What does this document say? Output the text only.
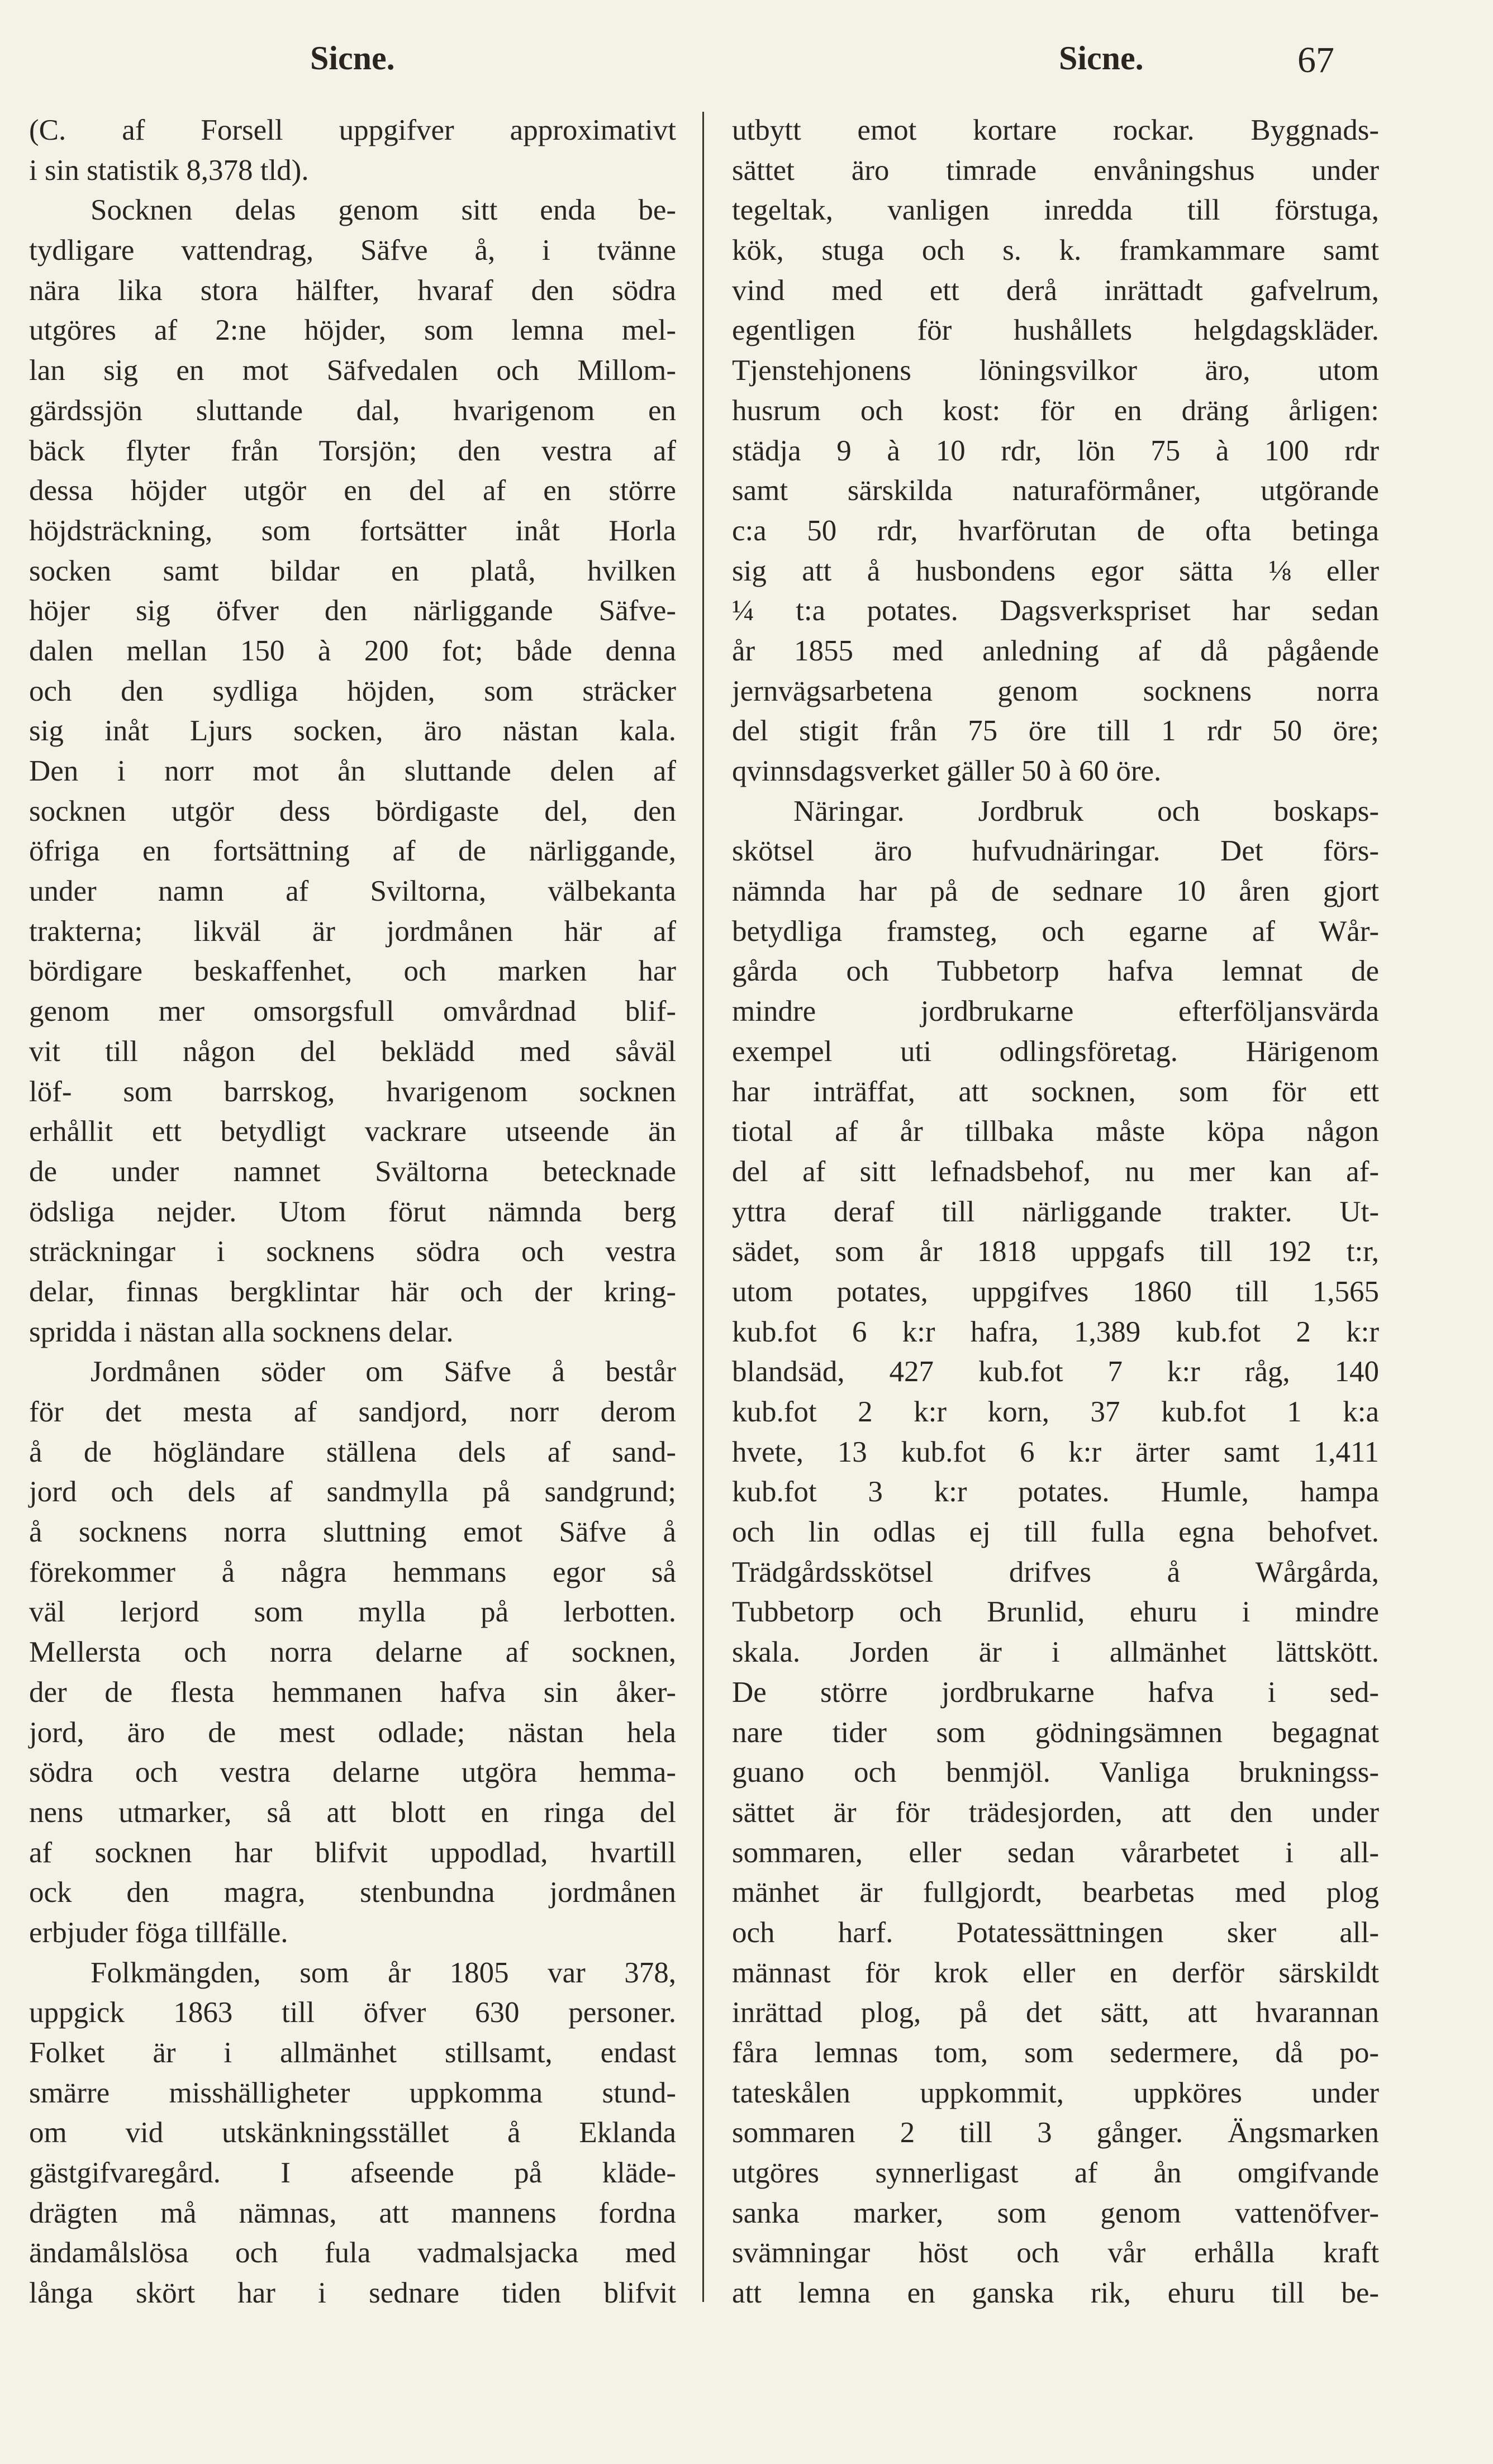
Sicne.	Sicne.	67
(C. af Forsell uppgifver approximativt
i sin statistik 8,378 tld).
Socknen delas genom sitt enda be-
tydligare vattendrag, Säfve å, i tvänne
nära lika stora hälfter, hvaraf den södra
utgöres af 2:ne höjder, som lemna mel-
lan sig en mot Säfvedalen och Millom-
gärdssjön sluttande dal, hvarigenom en
bäck flyter från Torsjön; den vestra af
dessa höjder utgör en del af en större
höjdsträckning, som fortsätter inåt Horla
socken samt bildar en platå, hvilken
höjer sig öfver den närliggande Säfve-
dalen mellan 150 à 200 fot; både denna
och den sydliga höjden, som sträcker
sig inåt Ljurs socken, äro nästan kala.
Den i norr mot ån sluttande delen af
socknen utgör dess bördigaste del, den
öfriga en fortsättning af de närliggande,
under namn af Sviltorna, välbekanta
trakterna; likväl är jordmånen här af
bördigare beskaffenhet, och marken har
genom mer omsorgsfull omvårdnad blif-
vit till någon del beklädd med såväl
löf- som barrskog, hvarigenom socknen
erhållit ett betydligt vackrare utseende än
de under namnet Svältorna betecknade
ödsliga nejder. Utom förut nämnda berg
sträckningar i socknens södra och vestra
delar, finnas bergklintar här och der kring-
spridda i nästan alla socknens delar.
Jordmånen söder om Säfve å består
för det mesta af sandjord, norr derom
å de högländare ställena dels af sand-
jord och dels af sandmylla på sandgrund;
å socknens norra sluttning emot Säfve å
förekommer å några hemmans egor så
väl lerjord som mylla på lerbotten.
Mellersta och norra delarne af socknen,
der de flesta hemmanen hafva sin åker-
jord, äro de mest odlade; nästan hela
södra och vestra delarne utgöra hemma-
nens utmarker, så att blott en ringa del
af socknen har blifvit uppodlad, hvartill
ock den magra, stenbundna jordmånen
erbjuder föga tillfälle.
Folkmängden, som år 1805 var 378,
uppgick 1863 till öfver 630 personer.
Folket är i allmänhet stillsamt, endast
smärre misshälligheter uppkomma stund-
om vid utskänkningsstället å Eklanda
gästgifvaregård. I afseende på kläde-
drägten må nämnas, att mannens fordna
ändamålslösa och fula vadmalsjacka med
långa skört har i sednare tiden blifvit
utbytt emot kortare rockar. Byggnads-
sättet äro timrade envåningshus under
tegeltak, vanligen inredda till förstuga,
kök, stuga och s. k. framkammare samt
vind med ett derå inrättadt gafvelrum,
egentligen för hushållets helgdagskläder.
Tjenstehjonens löningsvilkor äro, utom
husrum och kost: för en dräng årligen:
städja 9 à 10 rdr, lön 75 à 100 rdr
samt särskilda naturaförmåner, utgörande
c:a 50 rdr, hvarförutan de ofta betinga
sig att å husbondens egor sätta ⅛ eller
¼ t:a potates. Dagsverkspriset har sedan
år 1855 med anledning af då pågående
jernvägsarbetena genom socknens norra
del stigit från 75 öre till 1 rdr 50 öre;
qvinnsdagsverket gäller 50 à 60 öre.
Näringar. Jordbruk och boskaps-
skötsel äro hufvudnäringar. Det förs-
nämnda har på de sednare 10 åren gjort
betydliga framsteg, och egarne af Wår-
gårda och Tubbetorp hafva lemnat de
mindre jordbrukarne efterföljansvärda
exempel uti odlingsföretag. Härigenom
har inträffat, att socknen, som för ett
tiotal af år tillbaka måste köpa någon
del af sitt lefnadsbehof, nu mer kan af-
yttra deraf till närliggande trakter. Ut-
sädet, som år 1818 uppgafs till 192 t:r,
utom potates, uppgifves 1860 till 1,565
kub.fot 6 k:r hafra, 1,389 kub.fot 2 k:r
blandsäd, 427 kub.fot 7 k:r råg, 140
kub.fot 2 k:r korn, 37 kub.fot 1 k:a
hvete, 13 kub.fot 6 k:r ärter samt 1,411
kub.fot 3 k:r potates. Humle, hampa
och lin odlas ej till fulla egna behofvet.
Trädgårdsskötsel drifves å Wårgårda,
Tubbetorp och Brunlid, ehuru i mindre
skala. Jorden är i allmänhet lättskött.
De större jordbrukarne hafva i sed-
nare tider som gödningsämnen begagnat
guano och benmjöl. Vanliga brukningss-
sättet är för trädesjorden, att den under
sommaren, eller sedan vårarbetet i all-
mänhet är fullgjordt, bearbetas med plog
och harf. Potatessättningen sker all-
männast för krok eller en derför särskildt
inrättad plog, på det sätt, att hvarannan
fåra lemnas tom, som sedermere, då po-
tateskålen uppkommit, uppköres under
sommaren 2 till 3 gånger. Ängsmarken
utgöres synnerligast af ån omgifvande
sanka marker, som genom vattenöfver-
svämningar höst och vår erhålla kraft
att lemna en ganska rik, ehuru till be-
